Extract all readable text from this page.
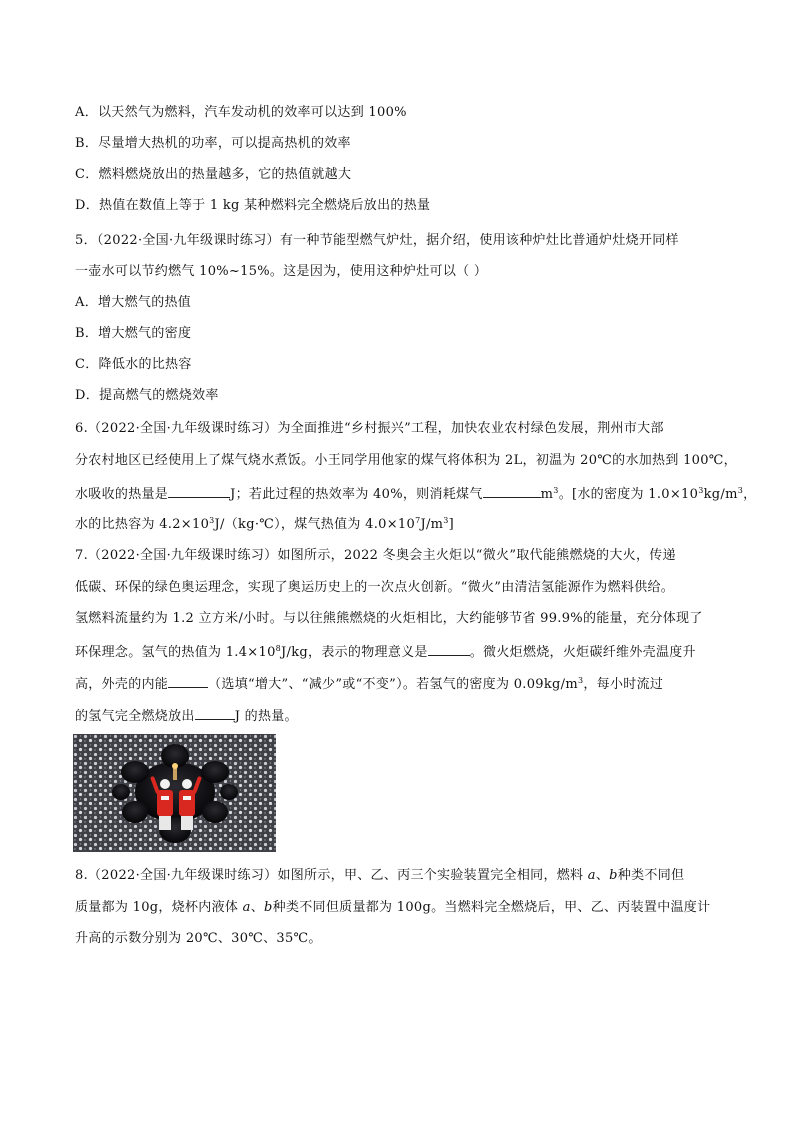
A．以天然气为燃料，汽车发动机的效率可以达到 100%
B．尽量增大热机的功率，可以提高热机的效率
C．燃料燃烧放出的热量越多，它的热值就越大
D．热值在数值上等于 1 kg 某种燃料完全燃烧后放出的热量
5．（2022·全国·九年级课时练习）有一种节能型燃气炉灶，据介绍，使用该种炉灶比普通炉灶烧开同样
一壶水可以节约燃气 10%~15%。这是因为，使用这种炉灶可以（ ）
A．增大燃气的热值
B．增大燃气的密度
C．降低水的比热容
D．提高燃气的燃烧效率
6.（2022·全国·九年级课时练习）为全面推进“乡村振兴”工程，加快农业农村绿色发展，荆州市大部
分农村地区已经使用上了煤气烧水煮饭。小王同学用他家的煤气将体积为 2L，初温为 20℃的水加热到 100℃，
水吸收的热量是	J；若此过程的热效率为 40%，则消耗煤气	$m^3$。[水的密度为 $1.0\times 10^3kg/m^3$，
水的比热容为 $4.2\times 10^3J/(kg\cdot℃)$，煤气热值为 $4.0\times 10^7J/m^3$]
7.（2022·全国·九年级课时练习）如图所示，2022 冬奥会主火炬以“微火”取代能熊燃烧的大火，传递
低碳、环保的绿色奥运理念，实现了奥运历史上的一次点火创新。“微火”由清洁氢能源作为燃料供给。
氢燃料流量约为 1.2 立方米/小时。与以往熊熊燃烧的火炬相比，大约能够节省 99.9%的能量，充分体现了
环保理念。氢气的热值为 $1.4\times 10^8J/kg$，表示的物理意义是	。微火炬燃烧，火炬碳纤维外壳温度升
高，外壳的内能	（选填“增大”、“减少”或“不变”）。若氢气的密度为 $0.09kg/m^3$，每小时流过
的氢气完全燃烧放出	J 的热量。
8.（2022·全国·九年级课时练习）如图所示，甲、乙、丙三个实验装置完全相同，燃料 a、b种类不同但
质量都为 10g，烧杯内液体 a、b种类不同但质量都为 100g。当燃料完全燃烧后，甲、乙、丙装置中温度计
升高的示数分别为 20℃、30℃、35℃。
